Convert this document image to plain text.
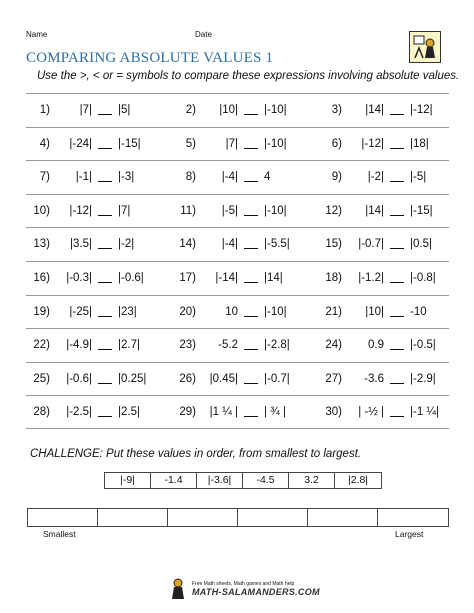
Name	Date
COMPARING ABSOLUTE VALUES 1
Use the >, < or = symbols to compare these expressions involving absolute values.
1)	|7| |5|	2) |10| |-10|	3) |14| |-12|
4) |-24| |-15|	5)	|7| |-10|	6) |-12| |18|
7) |-1| |-3|	8) |-4| 4	9) |-2| |-5|
10) |-12| |7|	11) |-5| |-10|	12) |14| |-15|
13) |3.5| |-2|	14) |-4| |-5.5|	15) |-0.7| |0.5|
16) |-0.3| |-0.6|	17) |-14| |14|	18) |-1.2| |-0.8|
19) |-25| |23|	20)	10 |-10|	21) |10| -10
22) |-4.9| |2.7|	23) -5.2 |-2.8|	24) 0.9 |-0.5|
25) |-0.6| |0.25|	26) |0.45| |-0.7|	27) -3.6 |-2.9|
28) |-2.5| |2.5|	29) |1 ¼ | | ¾ |	30) | -½ | |-1 ¼|
CHALLENGE: Put these values in order, from smallest to largest.
|-9|	-1.4	|-3.6|	-4.5	3.2	|2.8|
Smallest	Largest
Free Math sheets, Math games and Math help
MATH-SALAMANDERS.COM
